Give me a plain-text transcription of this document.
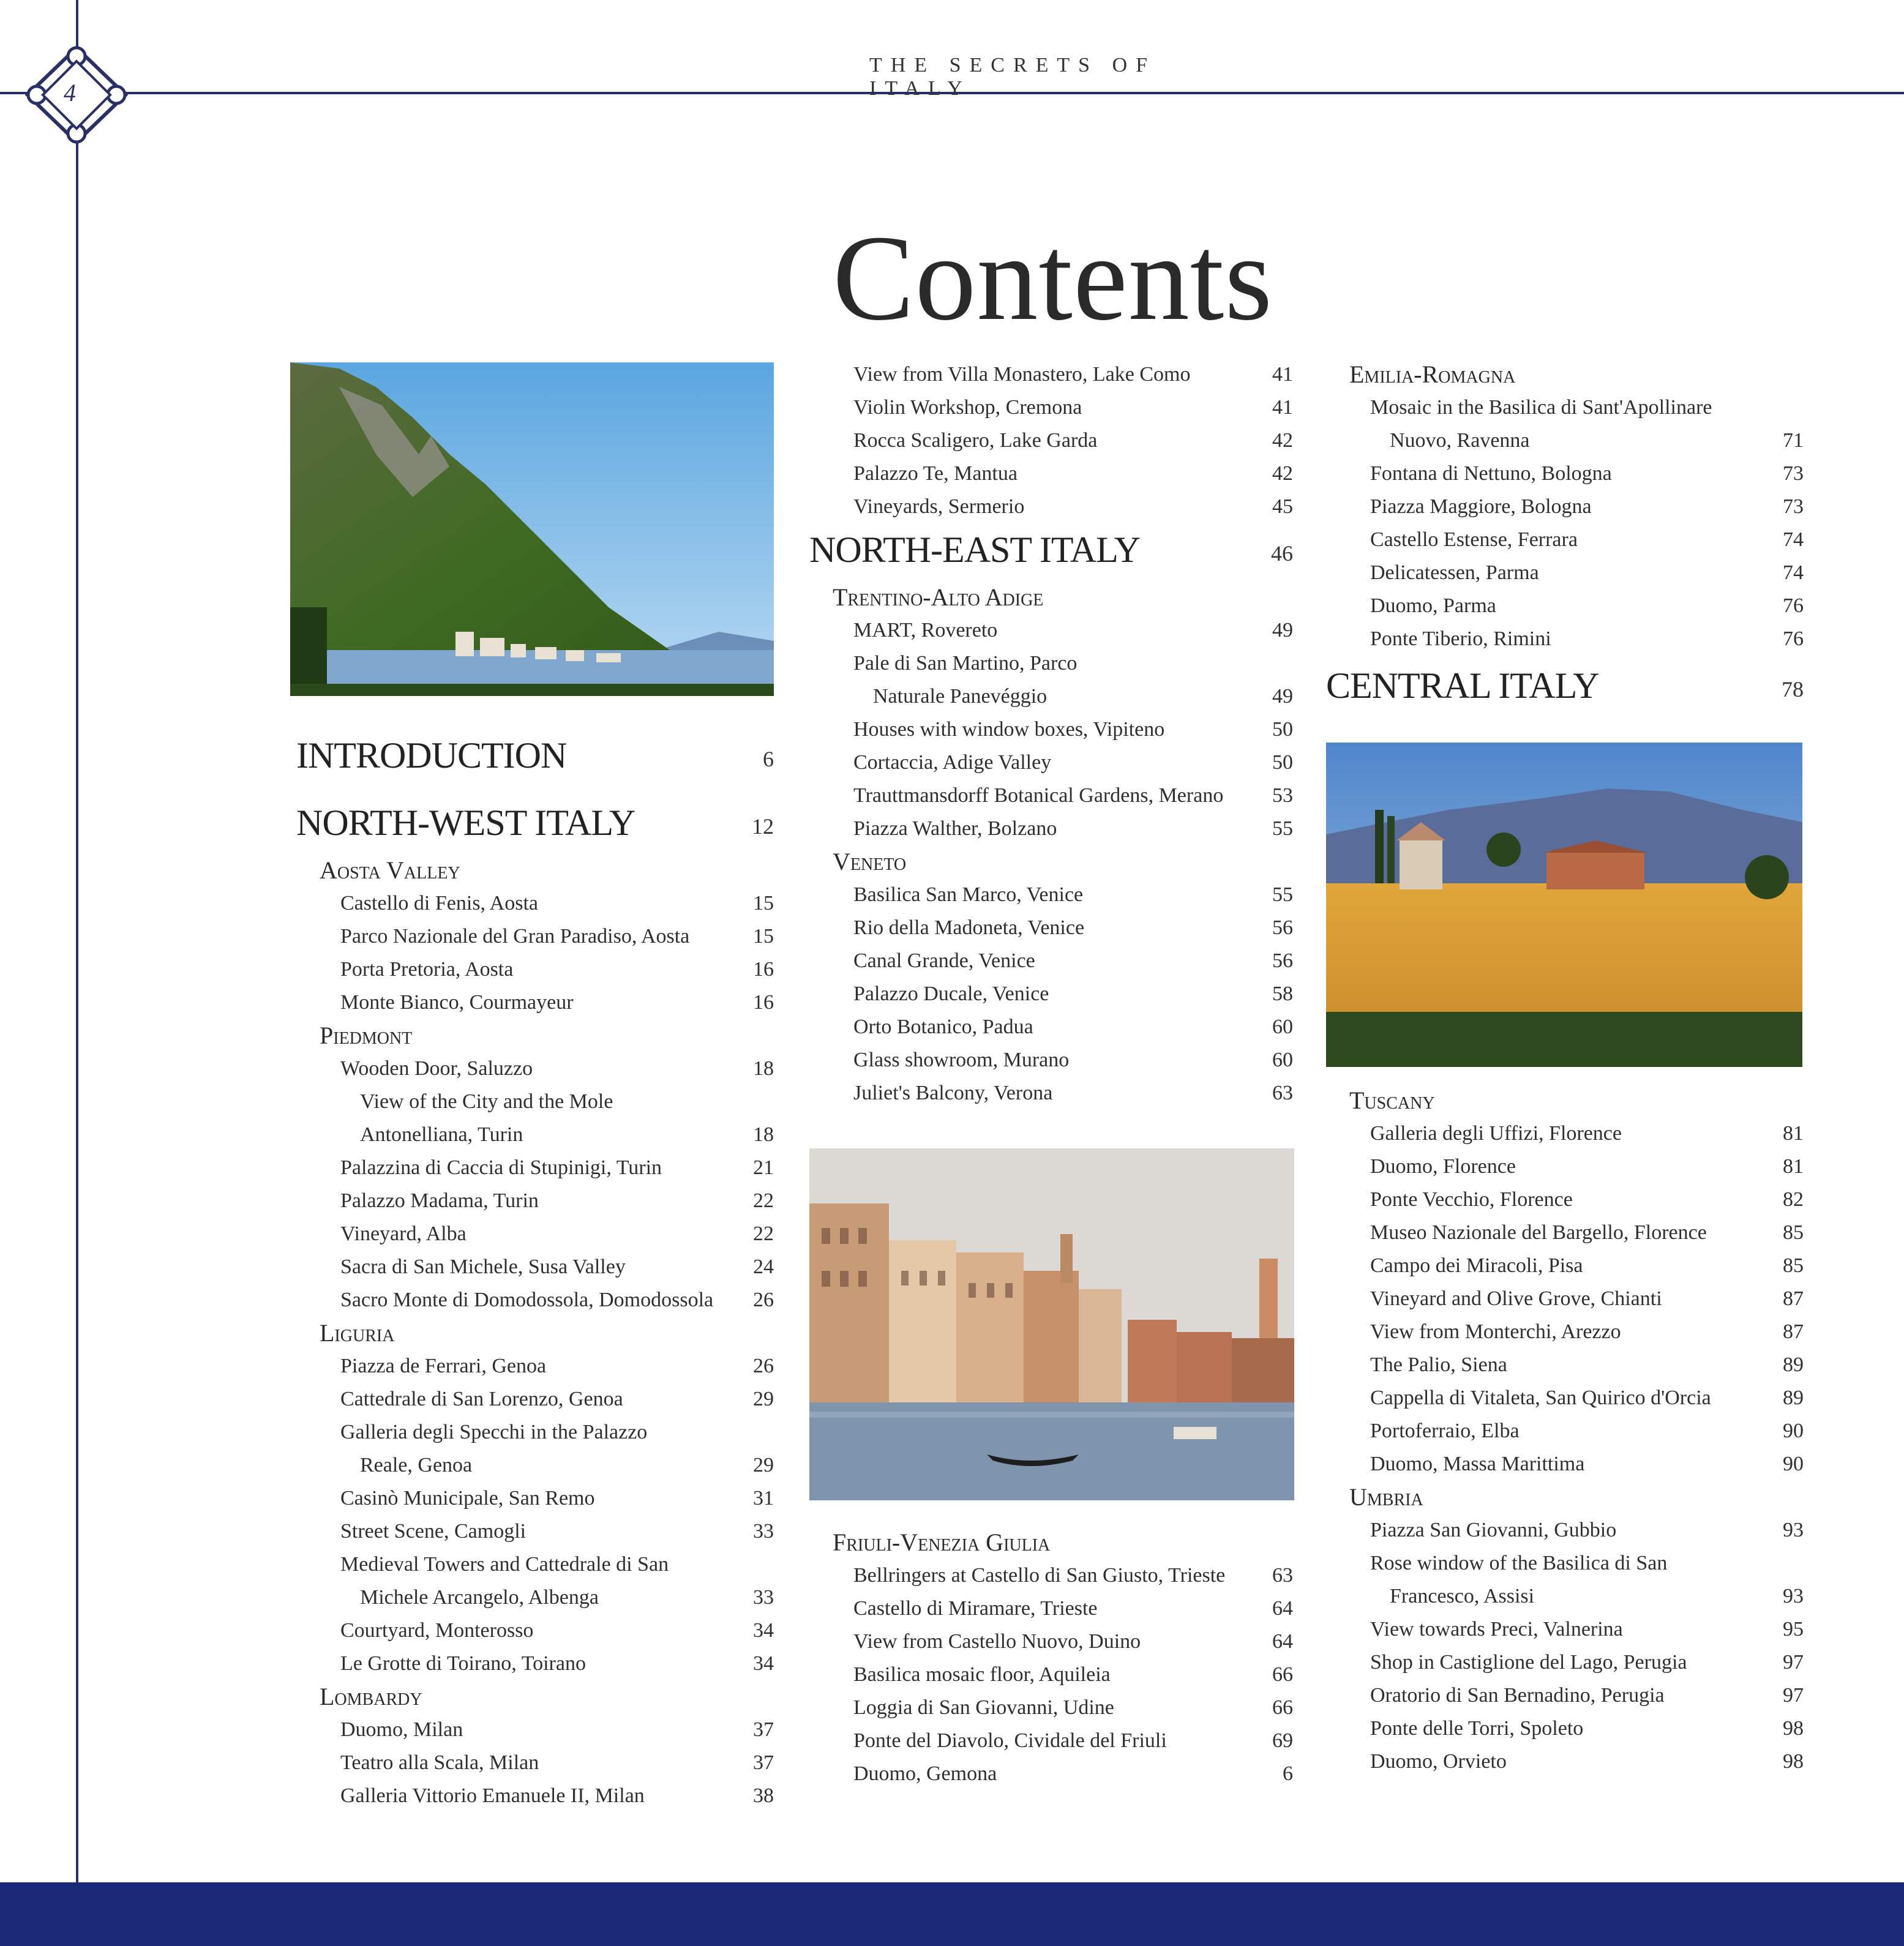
4
THE SECRETS OF ITALY
Contents
INTRODUCTION	6
NORTH-WEST ITALY	12
Aosta Valley
Castello di Fenis, Aosta	15
Parco Nazionale del Gran Paradiso, Aosta	15
Porta Pretoria, Aosta	16
Monte Bianco, Courmayeur	16
Piedmont
Wooden Door, Saluzzo	18
View of the City and the Mole
Antonelliana, Turin	18
Palazzina di Caccia di Stupinigi, Turin	21
Palazzo Madama, Turin	22
Vineyard, Alba	22
Sacra di San Michele, Susa Valley	24
Sacro Monte di Domodossola, Domodossola 26
Liguria
Piazza de Ferrari, Genoa	26
Cattedrale di San Lorenzo, Genoa	29
Galleria degli Specchi in the Palazzo
Reale, Genoa	29
Casinò Municipale, San Remo	31
Street Scene, Camogli	33
Medieval Towers and Cattedrale di San
Michele Arcangelo, Albenga	33
Courtyard, Monterosso	34
Le Grotte di Toirano, Toirano	34
Lombardy
Duomo, Milan	37
Teatro alla Scala, Milan	37
Galleria Vittorio Emanuele II, Milan	38
View from Villa Monastero, Lake Como	41
Violin Workshop, Cremona	41
Rocca Scaligero, Lake Garda	42
Palazzo Te, Mantua	42
Vineyards, Sermerio	45
NORTH-EAST ITALY	46
Trentino-Alto Adige
MART, Rovereto	49
Pale di San Martino, Parco
Naturale Panevéggio	49
Houses with window boxes, Vipiteno	50
Cortaccia, Adige Valley	50
Trauttmansdorff Botanical Gardens, Merano 53
Piazza Walther, Bolzano	55
Veneto
Basilica San Marco, Venice	55
Rio della Madoneta, Venice	56
Canal Grande, Venice	56
Palazzo Ducale, Venice	58
Orto Botanico, Padua	60
Glass showroom, Murano	60
Juliet's Balcony, Verona	63
Friuli-Venezia Giulia
Bellringers at Castello di San Giusto, Trieste 63
Castello di Miramare, Trieste	64
View from Castello Nuovo, Duino	64
Basilica mosaic floor, Aquileia	66
Loggia di San Giovanni, Udine	66
Ponte del Diavolo, Cividale del Friuli	69
Duomo, Gemona	6
Emilia-Romagna
Mosaic in the Basilica di Sant'Apollinare
Nuovo, Ravenna	71
Fontana di Nettuno, Bologna	73
Piazza Maggiore, Bologna	73
Castello Estense, Ferrara	74
Delicatessen, Parma	74
Duomo, Parma	76
Ponte Tiberio, Rimini	76
CENTRAL ITALY	78
Tuscany
Galleria degli Uffizi, Florence	81
Duomo, Florence	81
Ponte Vecchio, Florence	82
Museo Nazionale del Bargello, Florence	85
Campo dei Miracoli, Pisa	85
Vineyard and Olive Grove, Chianti	87
View from Monterchi, Arezzo	87
The Palio, Siena	89
Cappella di Vitaleta, San Quirico d'Orcia	89
Portoferraio, Elba	90
Duomo, Massa Marittima	90
Umbria
Piazza San Giovanni, Gubbio	93
Rose window of the Basilica di San
Francesco, Assisi	93
View towards Preci, Valnerina	95
Shop in Castiglione del Lago, Perugia	97
Oratorio di San Bernadino, Perugia	97
Ponte delle Torri, Spoleto	98
Duomo, Orvieto	98
